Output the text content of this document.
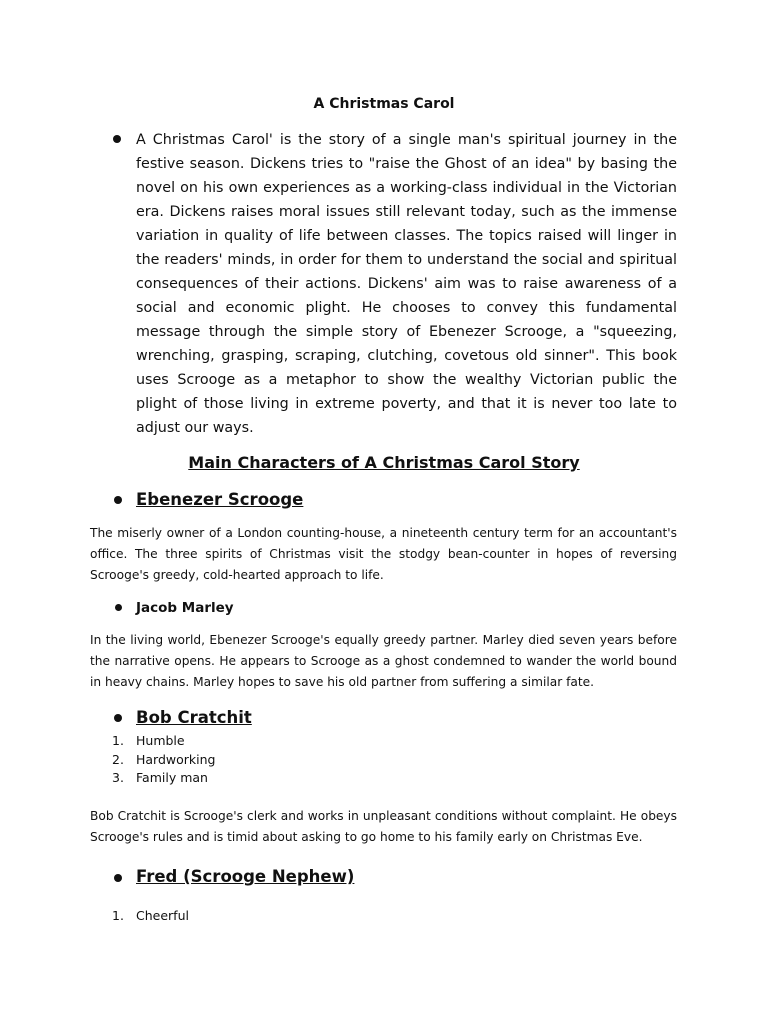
A Christmas Carol
A Christmas Carol' is the story of a single man's spiritual journey in the festive season. Dickens tries to "raise the Ghost of an idea" by basing the novel on his own experiences as a working-class individual in the Victorian era. Dickens raises moral issues still relevant today, such as the immense variation in quality of life between classes. The topics raised will linger in the readers' minds, in order for them to understand the social and spiritual consequences of their actions. Dickens' aim was to raise awareness of a social and economic plight. He chooses to convey this fundamental message through the simple story of Ebenezer Scrooge, a "squeezing, wrenching, grasping, scraping, clutching, covetous old sinner". This book uses Scrooge as a metaphor to show the wealthy Victorian public the plight of those living in extreme poverty, and that it is never too late to adjust our ways.
Main Characters of A Christmas Carol Story
Ebenezer Scrooge
The miserly owner of a London counting-house, a nineteenth century term for an accountant's office. The three spirits of Christmas visit the stodgy bean-counter in hopes of reversing Scrooge's greedy, cold-hearted approach to life.
Jacob Marley
In the living world, Ebenezer Scrooge's equally greedy partner. Marley died seven years before the narrative opens. He appears to Scrooge as a ghost condemned to wander the world bound in heavy chains. Marley hopes to save his old partner from suffering a similar fate.
Bob Cratchit
1. Humble
2. Hardworking
3. Family man
Bob Cratchit is Scrooge's clerk and works in unpleasant conditions without complaint. He obeys Scrooge's rules and is timid about asking to go home to his family early on Christmas Eve.
Fred (Scrooge Nephew)
1. Cheerful
